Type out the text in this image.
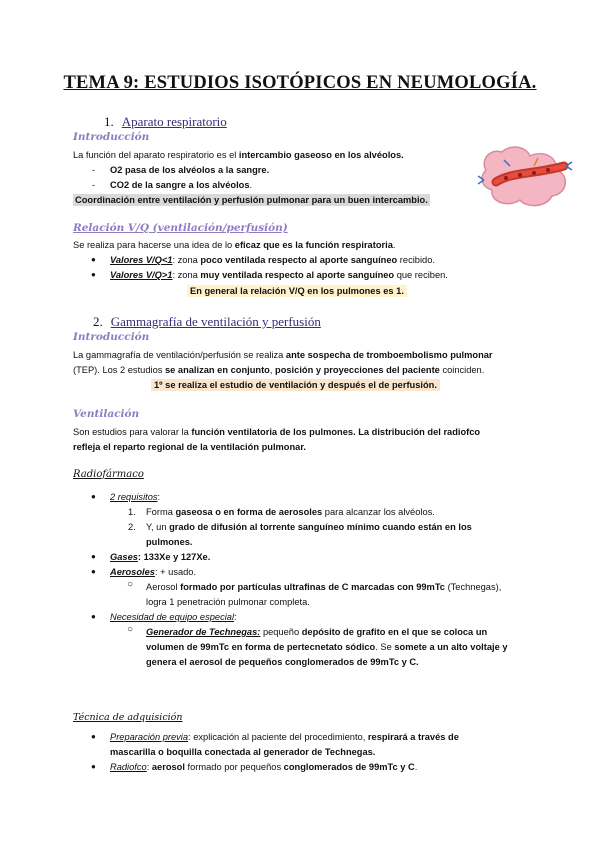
TEMA 9: ESTUDIOS ISOTÓPICOS EN NEUMOLOGÍA.
1. Aparato respiratorio
Introducción
La función del aparato respiratorio es el intercambio gaseoso en los alvéolos.
- O2 pasa de los alvéolos a la sangre.
- CO2 de la sangre a los alvéolos.
Coordinación entre ventilación y perfusión pulmonar para un buen intercambio.
Relación V/Q (ventilación/perfusión)
Se realiza para hacerse una idea de lo eficaz que es la función respiratoria.
● Valores V/Q<1: zona poco ventilada respecto al aporte sanguíneo recibido.
● Valores V/Q>1: zona muy ventilada respecto al aporte sanguíneo que reciben.
En general la relación V/Q en los pulmones es 1.
2. Gammagrafía de ventilación y perfusión
Introducción
La gammagrafía de ventilación/perfusión se realiza ante sospecha de tromboembolismo pulmonar
(TEP). Los 2 estudios se analizan en conjunto, posición y proyecciones del paciente coinciden.
1º se realiza el estudio de ventilación y después el de perfusión.
Ventilación
Son estudios para valorar la función ventilatoria de los pulmones. La distribución del radiofco
refleja el reparto regional de la ventilación pulmonar.
Radiofármaco
● 2 requisitos:
1. Forma gaseosa o en forma de aerosoles para alcanzar los alvéolos.
2. Y, un grado de difusión al torrente sanguíneo mínimo cuando están en los
pulmones.
● Gases: 133Xe y 127Xe.
● Aerosoles: + usado.
○ Aerosol formado por partículas ultrafinas de C marcadas con 99mTc (Technegas),
logra 1 penetración pulmonar completa.
● Necesidad de equipo especial:
○ Generador de Technegas: pequeño depósito de grafito en el que se coloca un
volumen de 99mTc en forma de pertecnetato sódico. Se somete a un alto voltaje y
genera el aerosol de pequeños conglomerados de 99mTc y C.
Técnica de adquisición
● Preparación previa: explicación al paciente del procedimiento, respirará a través de
mascarilla o boquilla conectada al generador de Technegas.
● Radiofco: aerosol formado por pequeños conglomerados de 99mTc y C.
